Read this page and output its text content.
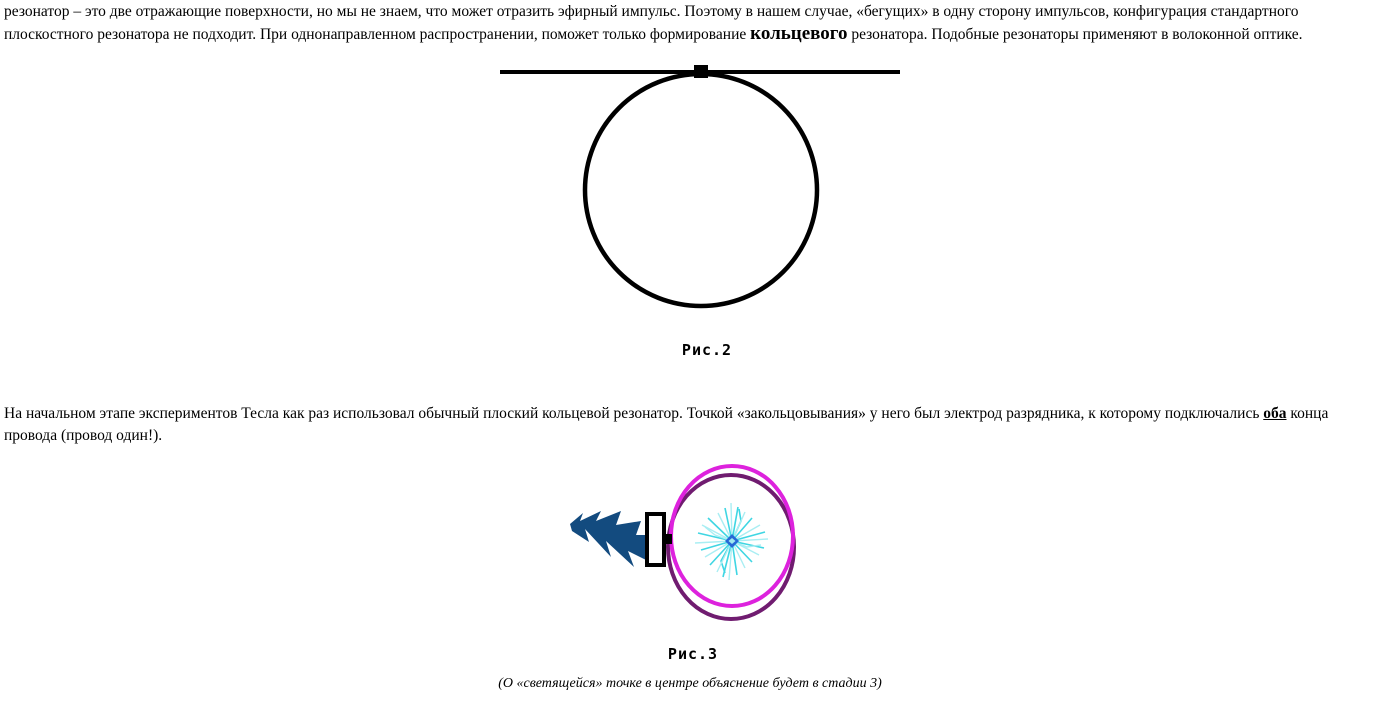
резонатор – это две отражающие поверхности, но мы не знаем, что может отразить эфирный импульс. Поэтому в нашем случае, «бегущих» в одну сторону импульсов, конфигурация стандартного плоскостного резонатора не подходит. При однонаправленном распространении, поможет только формирование кольцевого резонатора. Подобные резонаторы применяют в волоконной оптике.
Рис.2
На начальном этапе экспериментов Тесла как раз использовал обычный плоский кольцевой резонатор. Точкой «закольцовывания» у него был электрод разрядника, к которому подключались оба конца провода (провод один!).
Рис.3
(О «светящейся» точке в центре объяснение будет в стадии 3)
